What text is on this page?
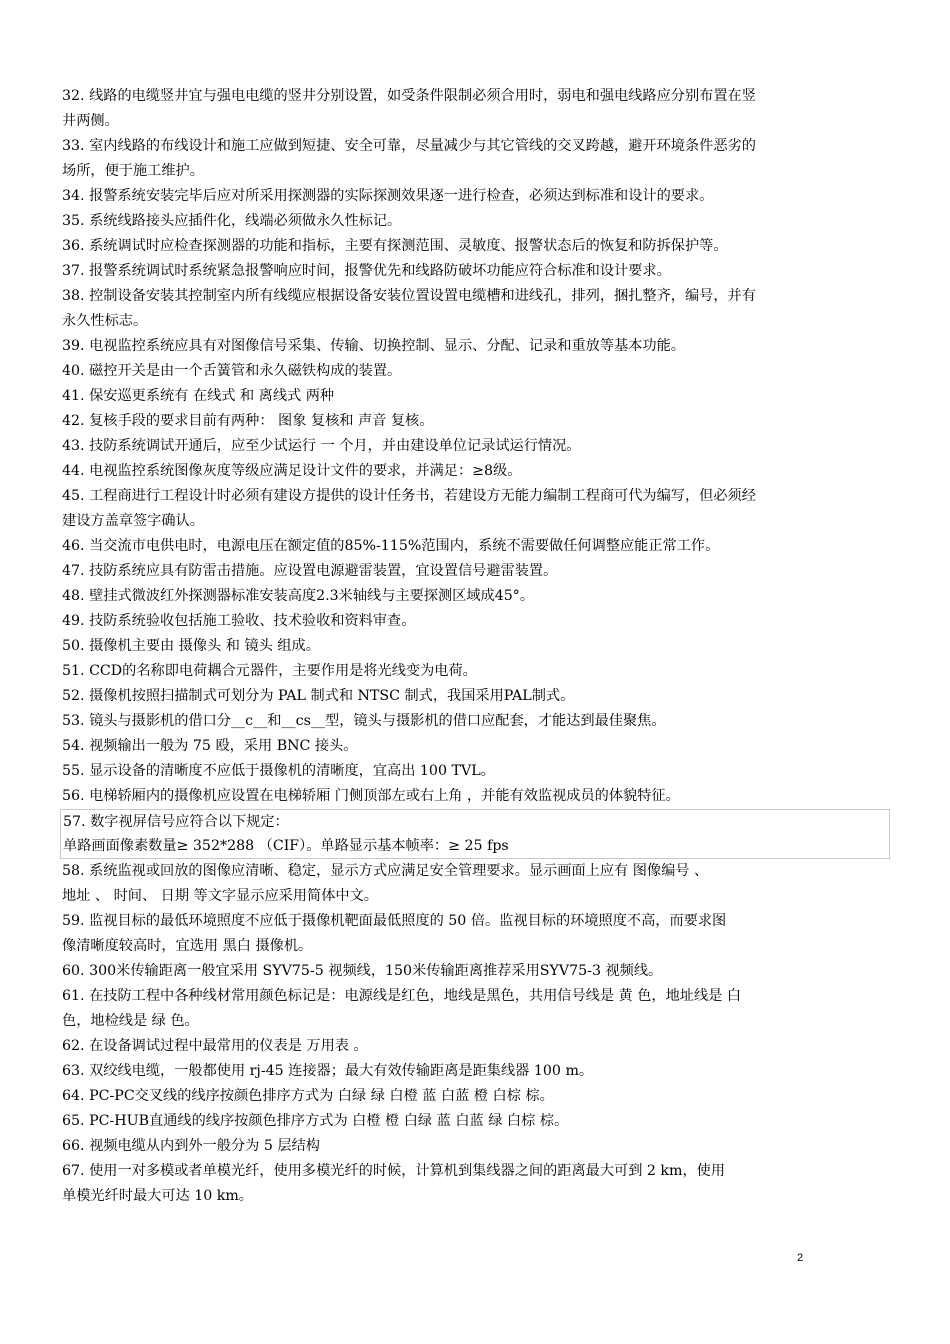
32. 线路的电缆竖井宜与强电电缆的竖井分别设置，如受条件限制必须合用时，弱电和强电线路应分别布置在竖
井两侧。
33. 室内线路的布线设计和施工应做到短捷、安全可靠，尽量减少与其它管线的交叉跨越，避开环境条件恶劣的
场所，便于施工维护。
34. 报警系统安装完毕后应对所采用探测器的实际探测效果逐一进行检查，必须达到标准和设计的要求。
35. 系统线路接头应插件化，线端必须做永久性标记。
36. 系统调试时应检查探测器的功能和指标，主要有探测范围、灵敏度、报警状态后的恢复和防拆保护等。
37. 报警系统调试时系统紧急报警响应时间，报警优先和线路防破坏功能应符合标准和设计要求。
38. 控制设备安装其控制室内所有线缆应根据设备安装位置设置电缆槽和进线孔，排列，捆扎整齐，编号，并有
永久性标志。
39. 电视监控系统应具有对图像信号采集、传输、切换控制、显示、分配、记录和重放等基本功能。
40. 磁控开关是由一个舌簧管和永久磁铁构成的装置。
41. 保安巡更系统有 在线式 和 离线式 两种
42. 复核手段的要求目前有两种： 图象 复核和 声音 复核。
43. 技防系统调试开通后，应至少试运行 一 个月，并由建设单位记录试运行情况。
44. 电视监控系统图像灰度等级应满足设计文件的要求，并满足：≥8级。
45. 工程商进行工程设计时必须有建设方提供的设计任务书，若建设方无能力编制工程商可代为编写，但必须经
建设方盖章签字确认。
46. 当交流市电供电时，电源电压在额定值的85%-115%范围内，系统不需要做任何调整应能正常工作。
47. 技防系统应具有防雷击措施。应设置电源避雷装置，宜设置信号避雷装置。
48. 壁挂式微波红外探测器标准安装高度2.3米轴线与主要探测区域成45°。
49. 技防系统验收包括施工验收、技术验收和资料审查。
50. 摄像机主要由 摄像头 和 镜头 组成。
51. CCD的名称即电荷耦合元器件，主要作用是将光线变为电荷。
52. 摄像机按照扫描制式可划分为 PAL 制式和 NTSC 制式，我国采用PAL制式。
53. 镜头与摄影机的借口分__c__和__cs__型，镜头与摄影机的借口应配套，才能达到最佳聚焦。
54. 视频输出一般为 75 殴，采用 BNC 接头。
55. 显示设备的清晰度不应低于摄像机的清晰度，宜高出 100 TVL。
56. 电梯轿厢内的摄像机应设置在电梯轿厢 门侧顶部左或右上角 ，并能有效监视成员的体貌特征。
57. 数字视屏信号应符合以下规定：
单路画面像素数量≥ 352*288 （CIF）。单路显示基本帧率：≥ 25 fps
58. 系统监视或回放的图像应清晰、稳定，显示方式应满足安全管理要求。显示画面上应有 图像编号 、
地址 、 时间、 日期 等文字显示应采用简体中文。
59. 监视目标的最低环境照度不应低于摄像机靶面最低照度的 50 倍。监视目标的环境照度不高，而要求图
像清晰度较高时，宜选用 黑白 摄像机。
60. 300米传输距离一般宜采用 SYV75-5 视频线，150米传输距离推荐采用SYV75-3 视频线。
61. 在技防工程中各种线材常用颜色标记是：电源线是红色，地线是黑色，共用信号线是 黄 色，地址线是 白
色，地检线是 绿 色。
62. 在设备调试过程中最常用的仪表是 万用表 。
63. 双绞线电缆，一般都使用 rj-45 连接器；最大有效传输距离是距集线器 100 m。
64. PC-PC交叉线的线序按颜色排序方式为 白绿 绿 白橙 蓝 白蓝 橙 白棕 棕。
65. PC-HUB直通线的线序按颜色排序方式为 白橙 橙 白绿 蓝 白蓝 绿 白棕 棕。
66. 视频电缆从内到外一般分为 5 层结构
67. 使用一对多模或者单模光纤，使用多模光纤的时候，计算机到集线器之间的距离最大可到 2 km，使用
单模光纤时最大可达 10 km。
2
